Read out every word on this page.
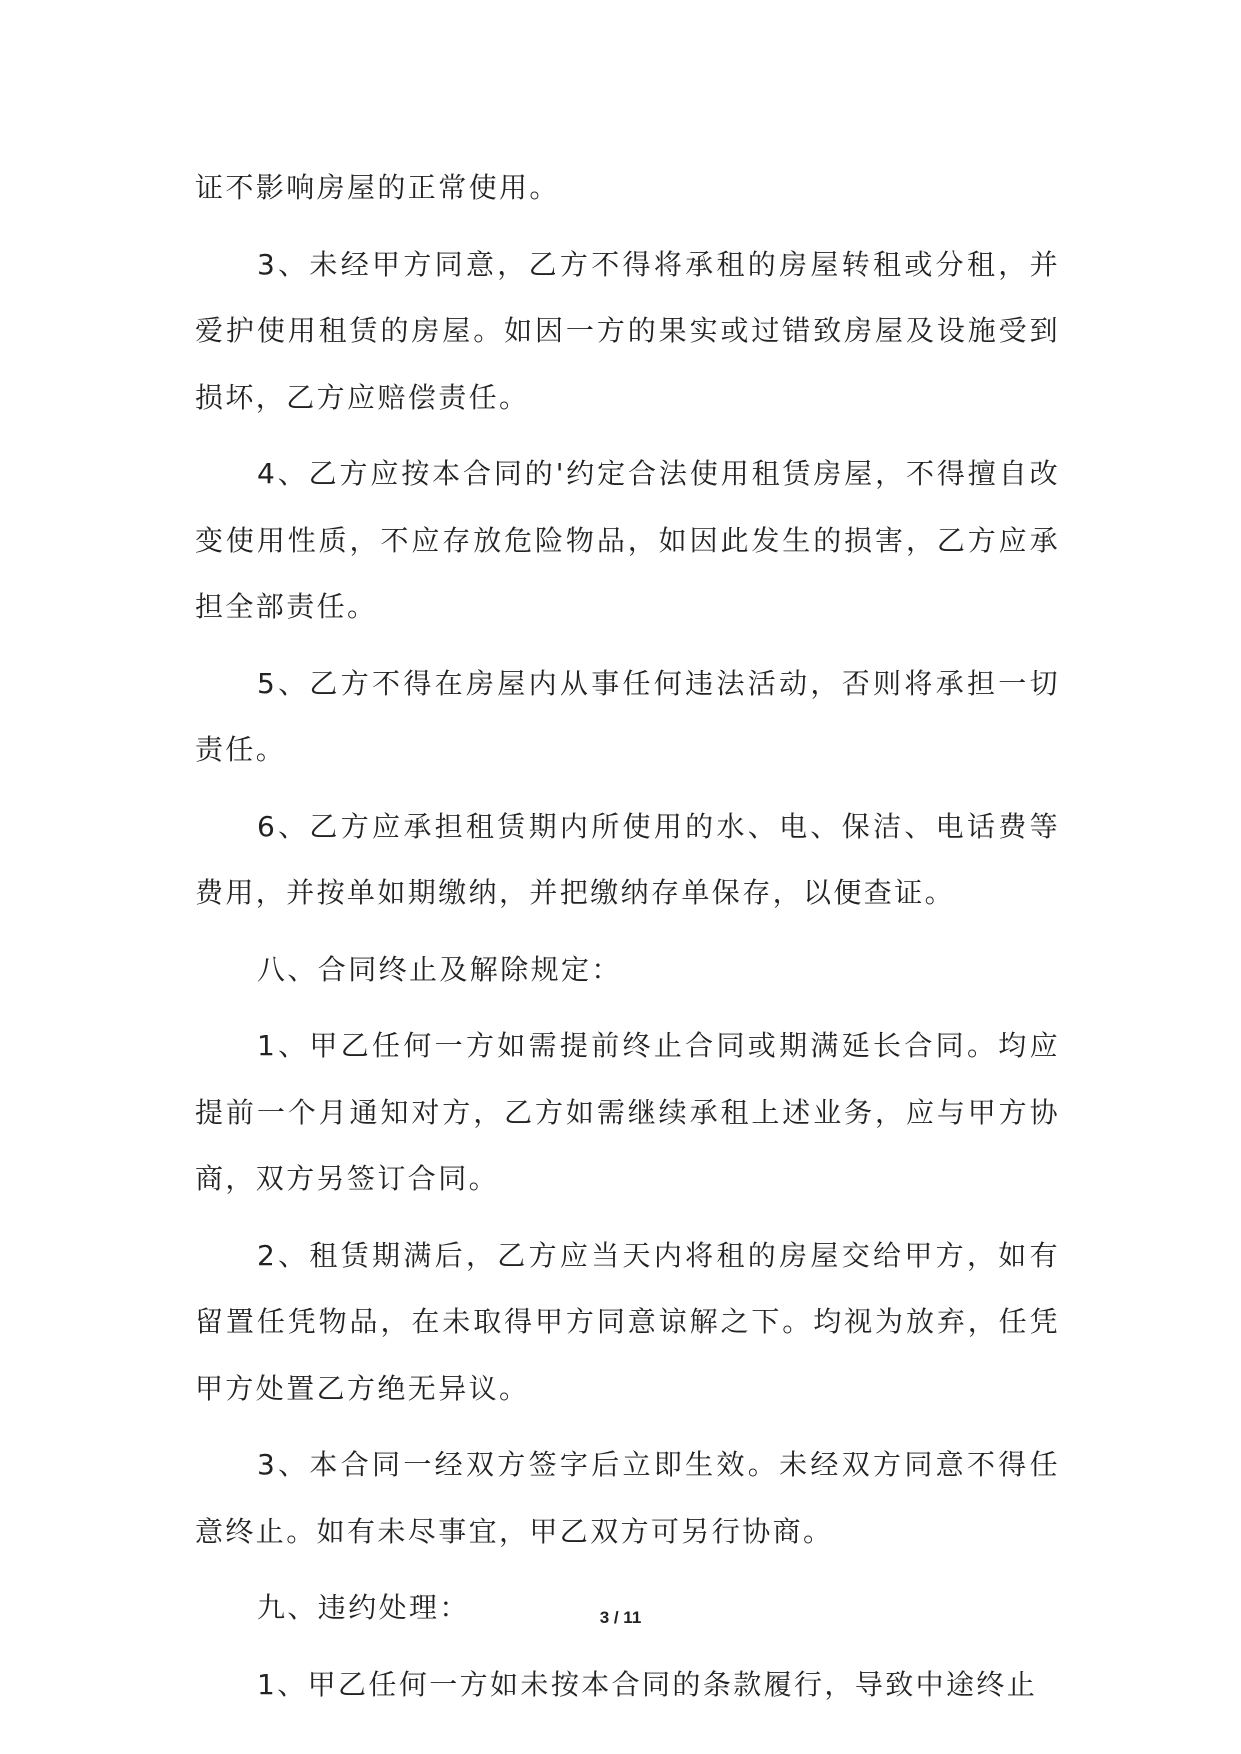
证不影响房屋的正常使用。

3、未经甲方同意，乙方不得将承租的房屋转租或分租，并爱护使用租赁的房屋。如因一方的果实或过错致房屋及设施受到损坏，乙方应赔偿责任。

4、乙方应按本合同的'约定合法使用租赁房屋，不得擅自改变使用性质，不应存放危险物品，如因此发生的损害，乙方应承担全部责任。

5、乙方不得在房屋内从事任何违法活动，否则将承担一切责任。

6、乙方应承担租赁期内所使用的水、电、保洁、电话费等费用，并按单如期缴纳，并把缴纳存单保存，以便查证。

八、合同终止及解除规定：

1、甲乙任何一方如需提前终止合同或期满延长合同。均应提前一个月通知对方，乙方如需继续承租上述业务，应与甲方协商，双方另签订合同。

2、租赁期满后，乙方应当天内将租的房屋交给甲方，如有留置任凭物品，在未取得甲方同意谅解之下。均视为放弃，任凭甲方处置乙方绝无异议。

3、本合同一经双方签字后立即生效。未经双方同意不得任意终止。如有未尽事宜，甲乙双方可另行协商。

九、违约处理：

1、甲乙任何一方如未按本合同的条款履行，导致中途终止

3 / 11
